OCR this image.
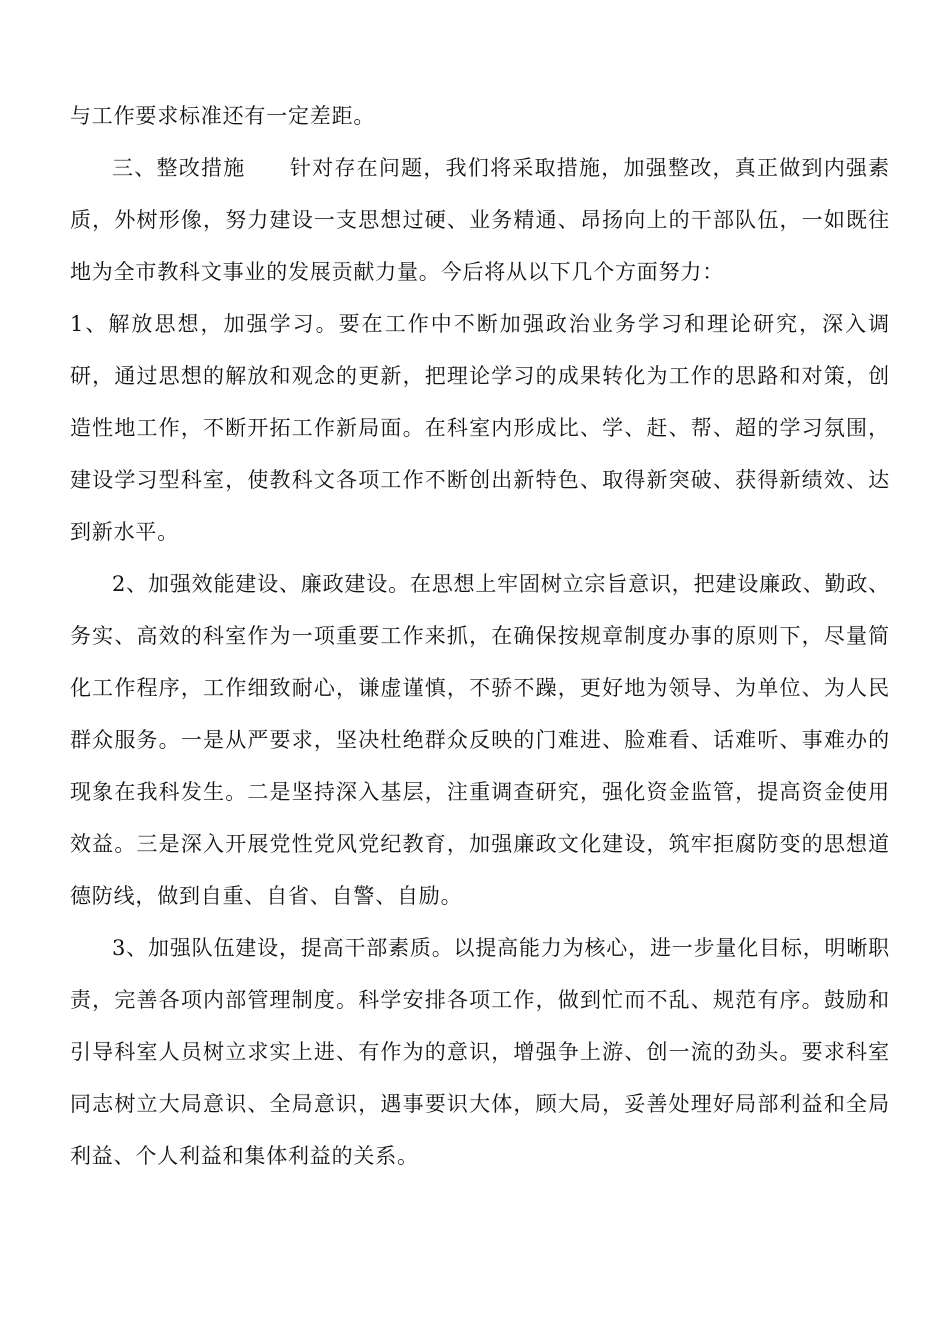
与工作要求标准还有一定差距。

三、整改措施 针对存在问题，我们将采取措施，加强整改，真正做到内强素质，外树形像，努力建设一支思想过硬、业务精通、昂扬向上的干部队伍，一如既往地为全市教科文事业的发展贡献力量。今后将从以下几个方面努力：

1、解放思想，加强学习。要在工作中不断加强政治业务学习和理论研究，深入调研，通过思想的解放和观念的更新，把理论学习的成果转化为工作的思路和对策，创造性地工作，不断开拓工作新局面。在科室内形成比、学、赶、帮、超的学习氛围，建设学习型科室，使教科文各项工作不断创出新特色、取得新突破、获得新绩效、达到新水平。

2、加强效能建设、廉政建设。在思想上牢固树立宗旨意识，把建设廉政、勤政、务实、高效的科室作为一项重要工作来抓，在确保按规章制度办事的原则下，尽量简化工作程序，工作细致耐心，谦虚谨慎，不骄不躁，更好地为领导、为单位、为人民群众服务。一是从严要求，坚决杜绝群众反映的门难进、脸难看、话难听、事难办的现象在我科发生。二是坚持深入基层，注重调查研究，强化资金监管，提高资金使用效益。三是深入开展党性党风党纪教育，加强廉政文化建设，筑牢拒腐防变的思想道德防线，做到自重、自省、自警、自励。

3、加强队伍建设，提高干部素质。以提高能力为核心，进一步量化目标，明晰职责，完善各项内部管理制度。科学安排各项工作，做到忙而不乱、规范有序。鼓励和引导科室人员树立求实上进、有作为的意识，增强争上游、创一流的劲头。要求科室同志树立大局意识、全局意识，遇事要识大体，顾大局，妥善处理好局部利益和全局利益、个人利益和集体利益的关系。
